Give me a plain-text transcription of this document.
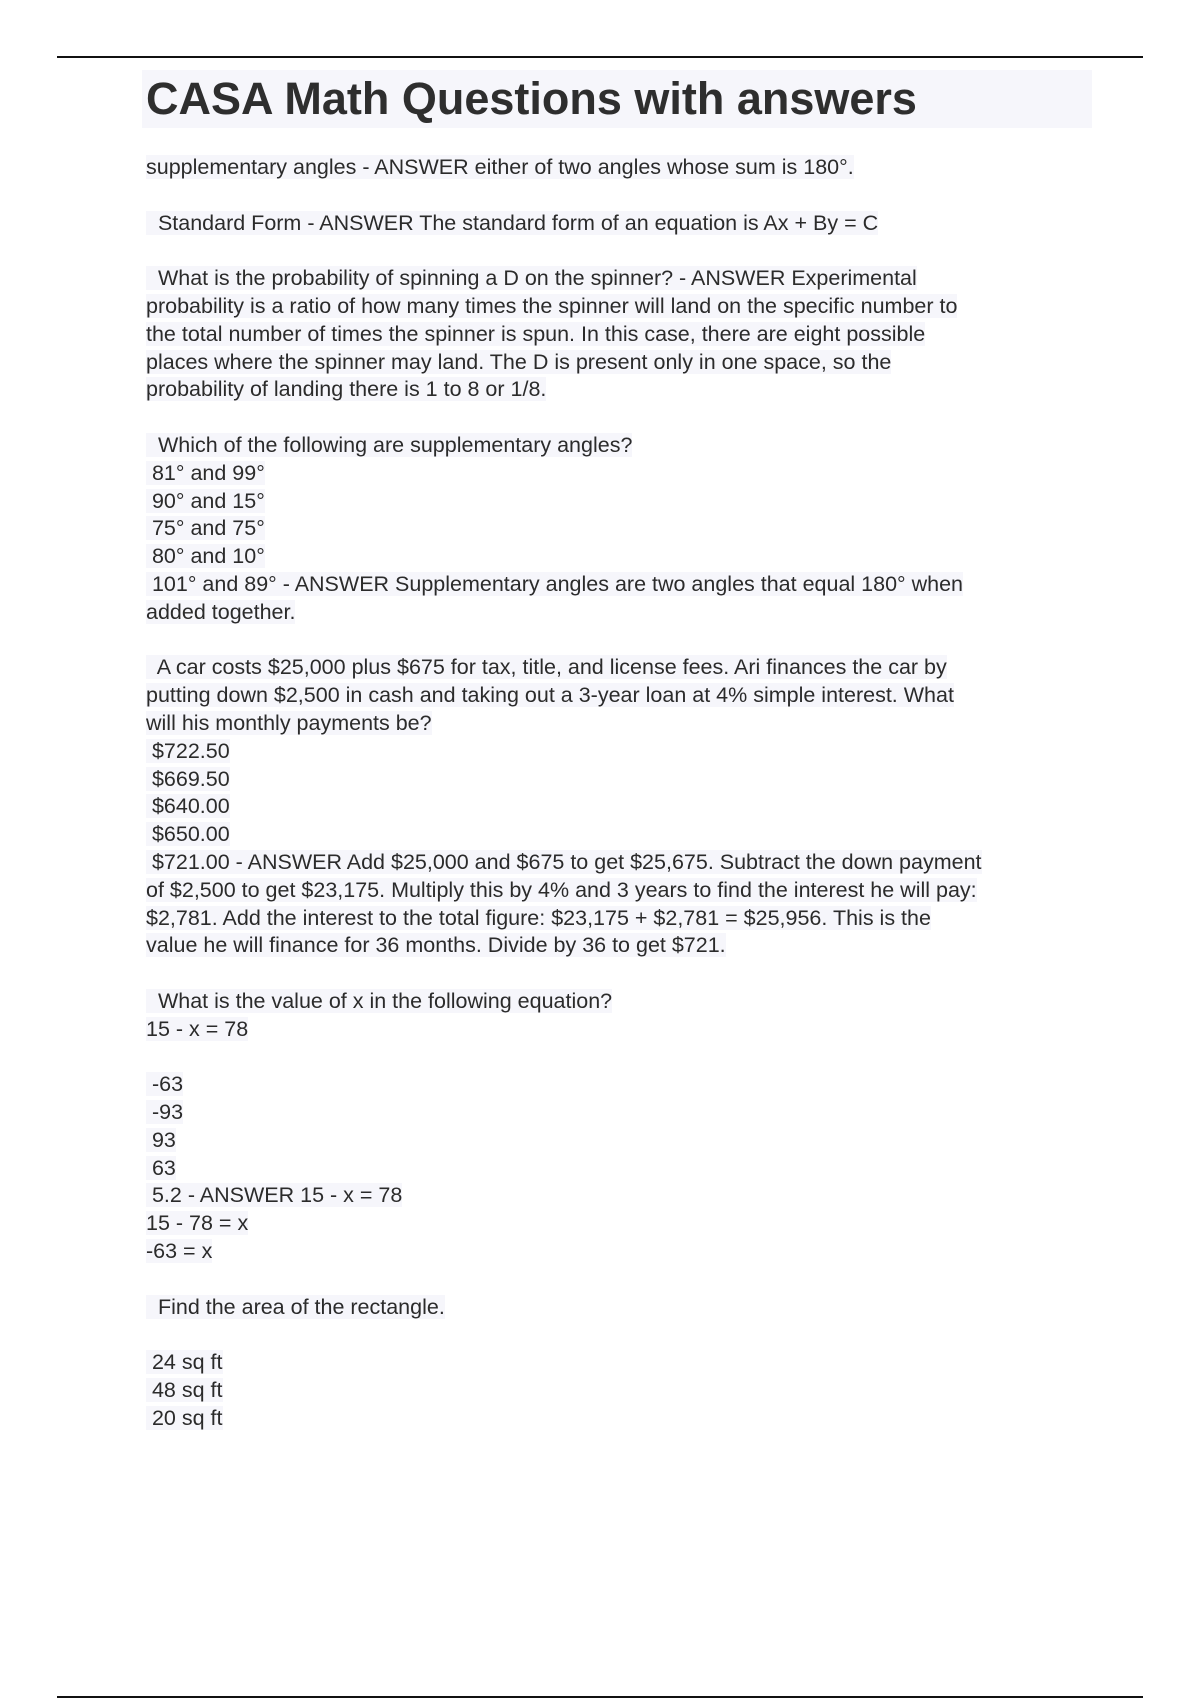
CASA Math Questions with answers
supplementary angles - ANSWER either of two angles whose sum is 180°.
Standard Form - ANSWER The standard form of an equation is Ax + By = C
What is the probability of spinning a D on the spinner? - ANSWER Experimental
probability is a ratio of how many times the spinner will land on the specific number to
the total number of times the spinner is spun. In this case, there are eight possible
places where the spinner may land. The D is present only in one space, so the
probability of landing there is 1 to 8 or 1/8.
Which of the following are supplementary angles?
81° and 99°
90° and 15°
75° and 75°
80° and 10°
101° and 89° - ANSWER Supplementary angles are two angles that equal 180° when
added together.
A car costs $25,000 plus $675 for tax, title, and license fees. Ari finances the car by
putting down $2,500 in cash and taking out a 3-year loan at 4% simple interest. What
will his monthly payments be?
$722.50
$669.50
$640.00
$650.00
$721.00 - ANSWER Add $25,000 and $675 to get $25,675. Subtract the down payment
of $2,500 to get $23,175. Multiply this by 4% and 3 years to find the interest he will pay:
$2,781. Add the interest to the total figure: $23,175 + $2,781 = $25,956. This is the
value he will finance for 36 months. Divide by 36 to get $721.
What is the value of x in the following equation?
15 - x = 78

-63
-93
93
63
5.2 - ANSWER 15 - x = 78
15 - 78 = x
-63 = x
Find the area of the rectangle.

24 sq ft
48 sq ft
20 sq ft
